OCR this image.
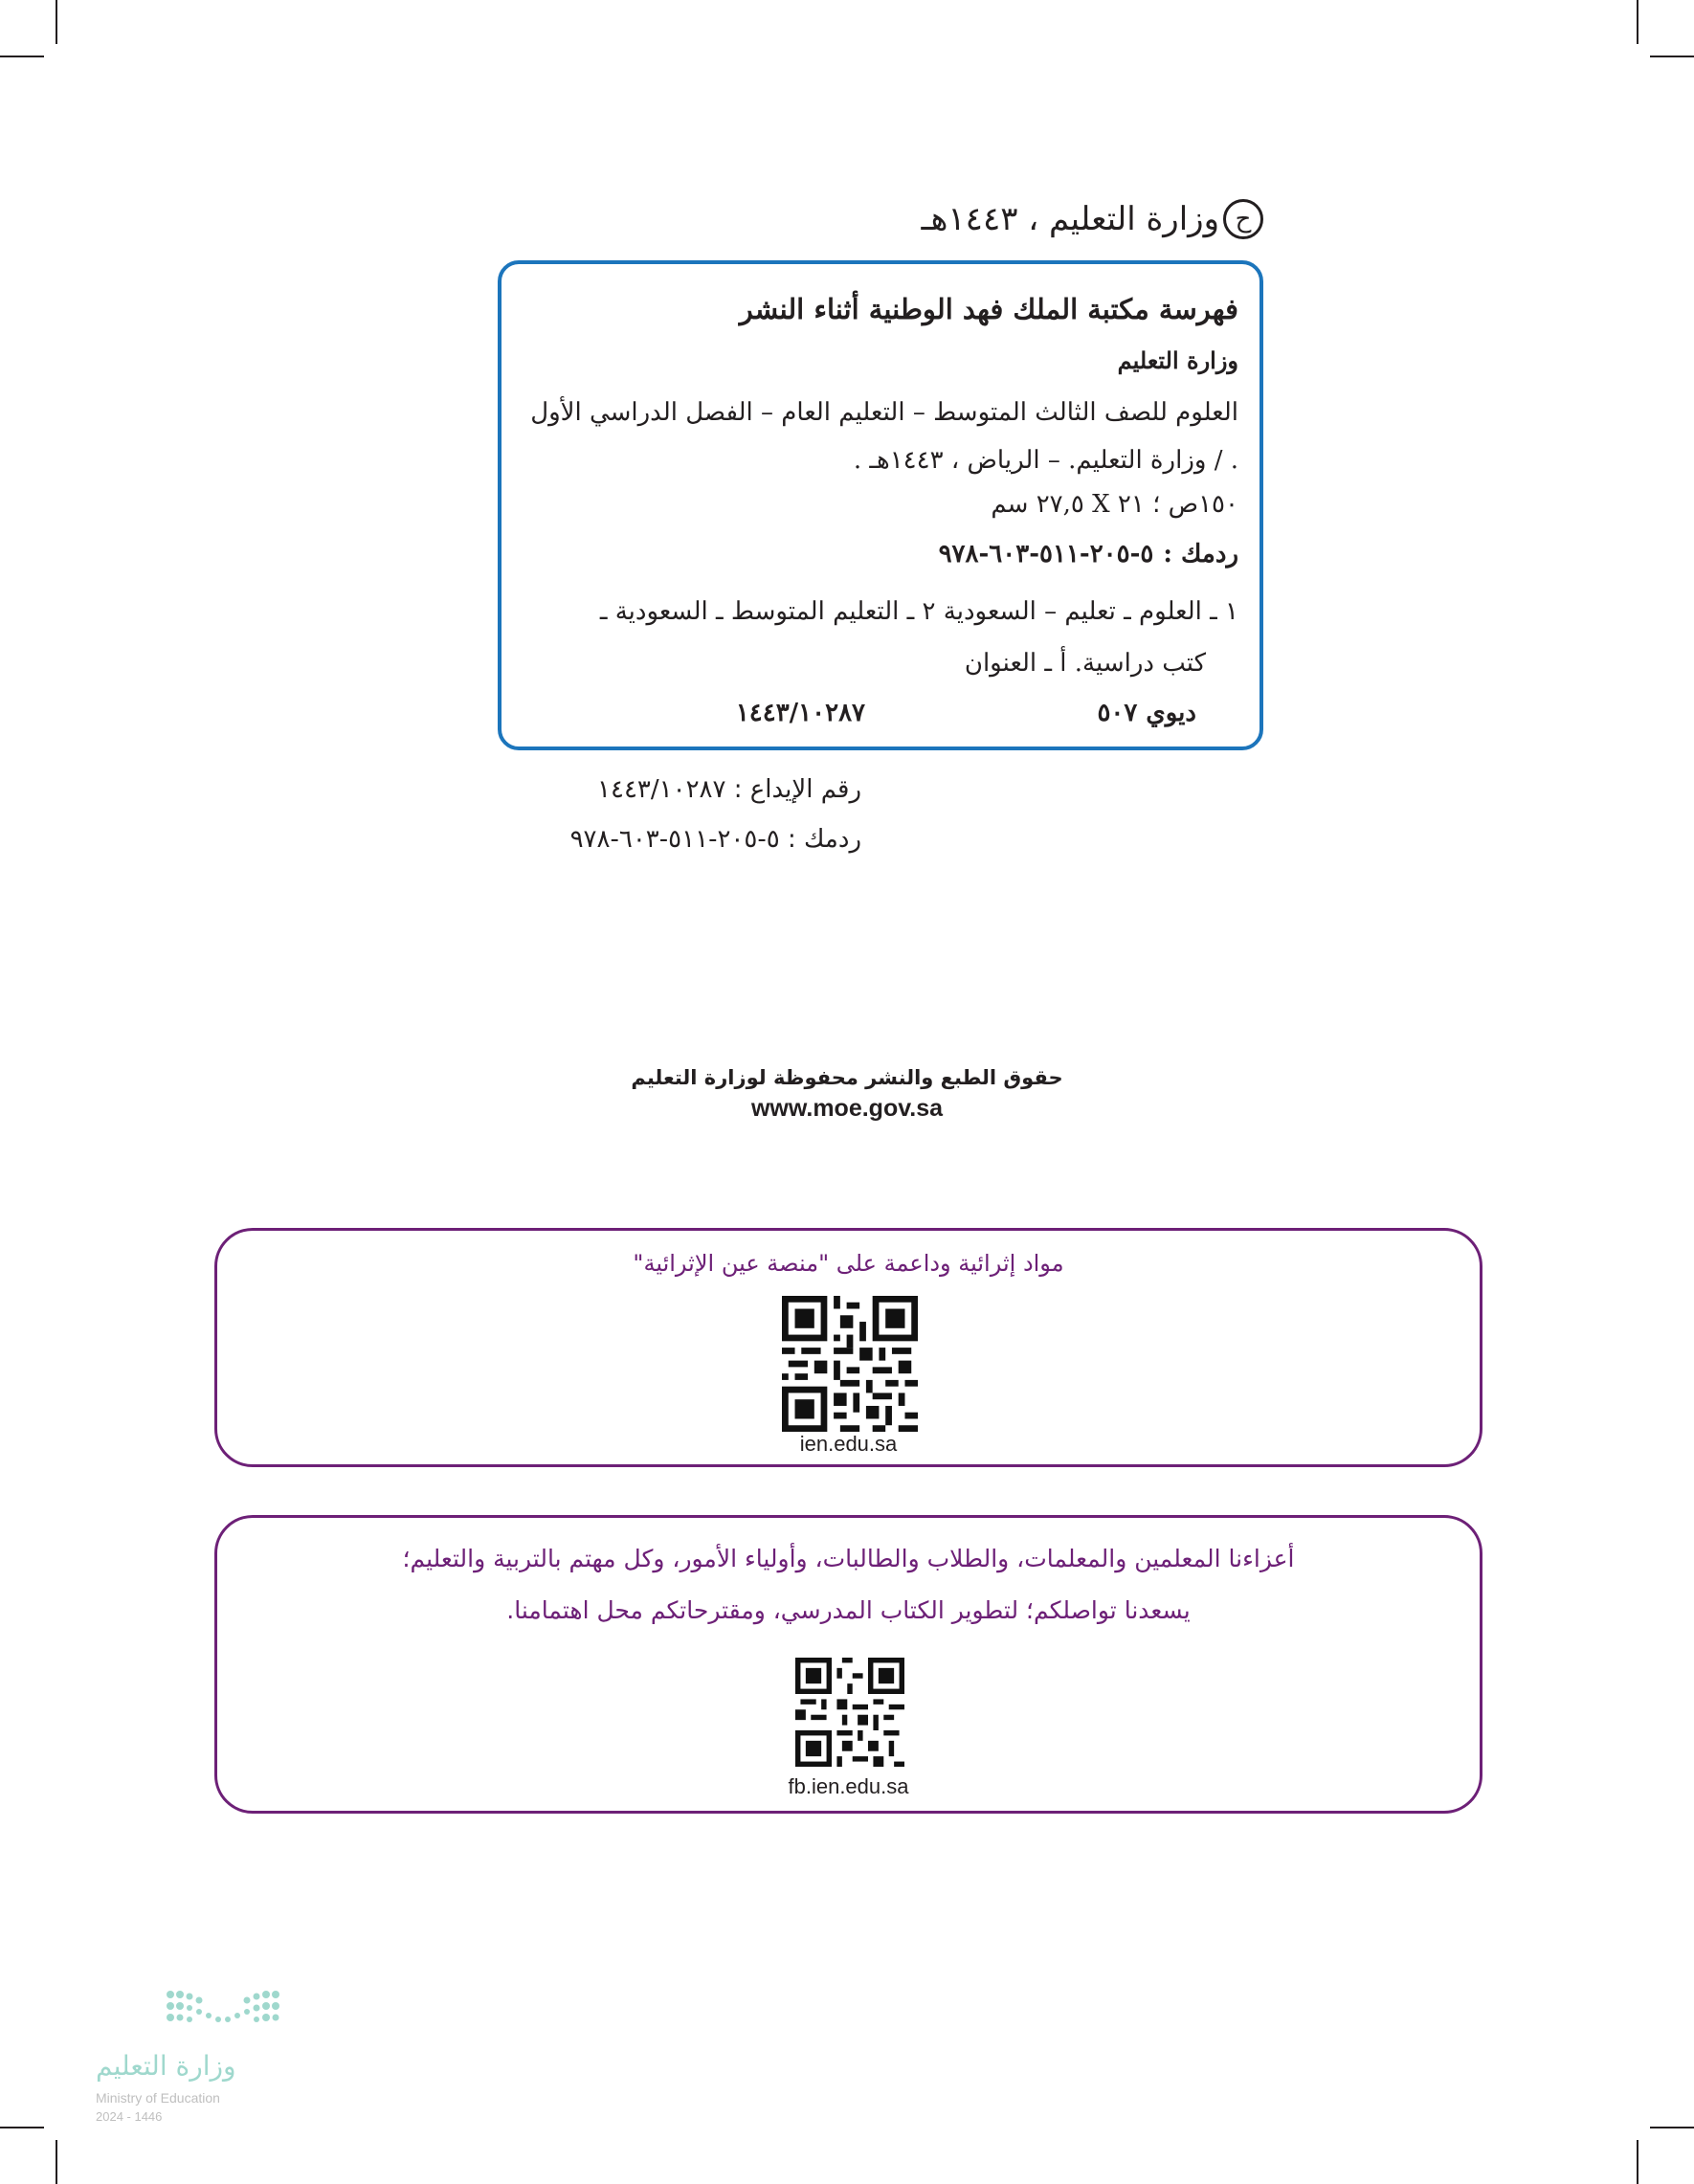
ح
وزارة التعليم ، ١٤٤٣هـ
فهرسة مكتبة الملك فهد الوطنية أثناء النشر
وزارة التعليم
العلوم للصف الثالث المتوسط – التعليم العام – الفصل الدراسي الأول
. / وزارة التعليم. – الرياض ، ١٤٤٣هـ .
١٥٠ص ؛ ٢١ X ٢٧,٥ سم
ردمك :
٥-٢٠٥-٥١١-٦٠٣-٩٧٨
١ ـ العلوم ـ تعليم – السعودية ٢ ـ التعليم المتوسط ـ السعودية ـ
كتب دراسية. أ ـ العنوان
ديوي ٥٠٧
١٤٤٣/١٠٢٨٧
رقم الإيداع : ١٤٤٣/١٠٢٨٧
ردمك : ٥-٢٠٥-٥١١-٦٠٣-٩٧٨
حقوق الطبع والنشر محفوظة لوزارة التعليم
www.moe.gov.sa
مواد إثرائية وداعمة على "منصة عين الإثرائية"
ien.edu.sa
أعزاءنا المعلمين والمعلمات، والطلاب والطالبات، وأولياء الأمور، وكل مهتم بالتربية والتعليم؛
يسعدنا تواصلكم؛ لتطوير الكتاب المدرسي، ومقترحاتكم محل اهتمامنا.
fb.ien.edu.sa
وزارة التعليم
Ministry of Education
2024 - 1446
